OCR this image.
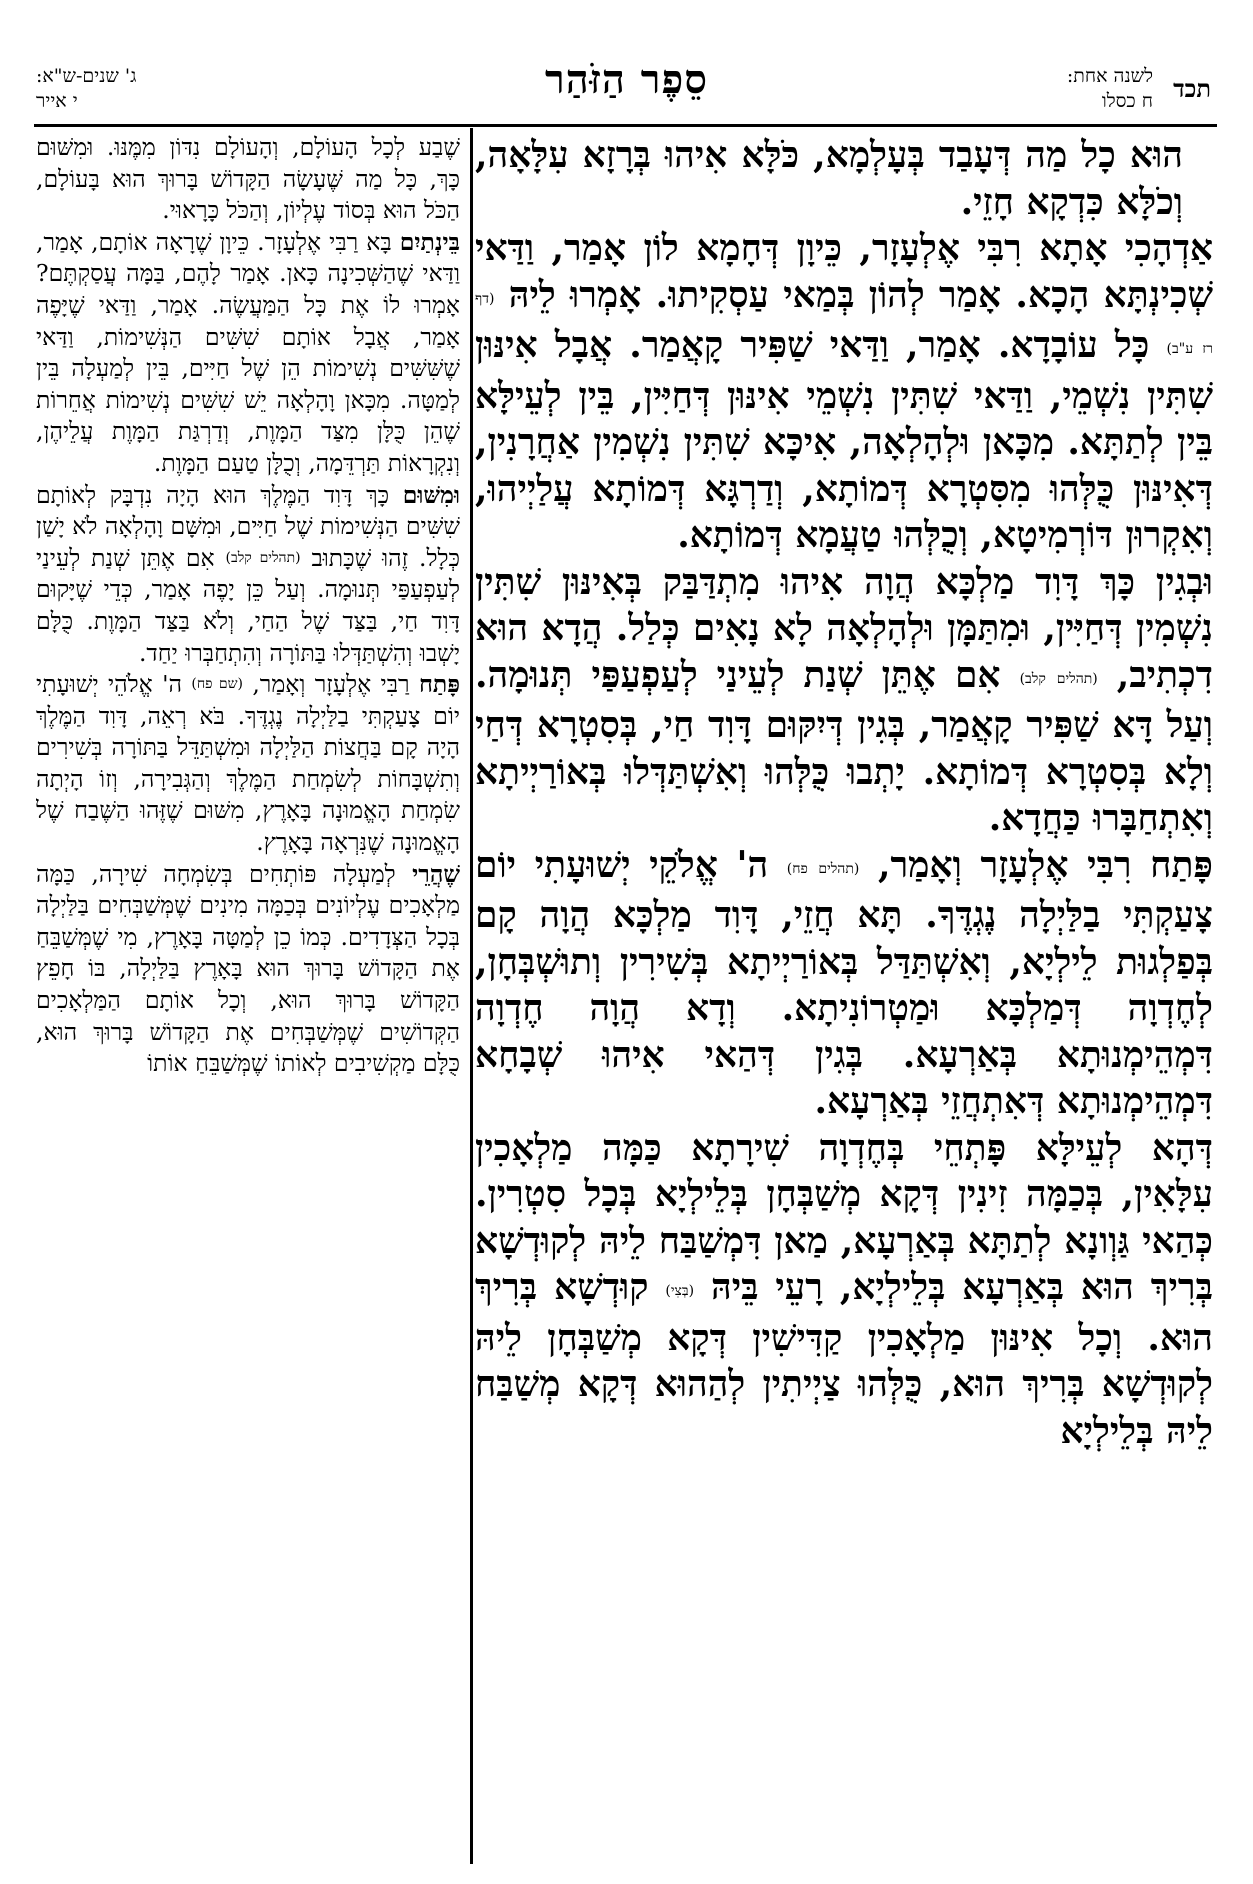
תכד
לשנה אחת:
ח כסלו
סֵפֶר הַזֹּהַר
ג' שנים-ש"א:
י אייר

הוּא כָל מַה דְּעָבַד בְּעָלְמָא, כֹּלָּא אִיהוּ בְּרָזָא עִלָּאָה, וְכֹלָּא כִּדְקָא חָזֵי.

אַדְהָכִי אָתָא רִבִּי אֶלְעָזָר, כֵּיוָן דְּחָמָא לוֹן אָמַר, וַדַּאי שְׁכִינְתָּא הָכָא. אָמַר לְהוֹן בְּמַאי עַסְקִיתוּ. אָמְרוּ לֵיהּ (דף רז ע"ב) כָּל עוֹבָדָא. אָמַר, וַדַּאי שַׁפִּיר קָאֲמַר. אֲבָל אִינּוּן שִׁתִּין נִשְׁמֵי, וַדַּאי שִׁתִּין נִשְׁמֵי אִינּוּן דְּחַיִּין, בֵּין לְעֵילָּא בֵּין לְתַתָּא. מִכָּאן וּלְהָלְאָה, אִיכָּא שִׁתִּין נִשְׁמִין אַחֲרָנִין, דְּאִינּוּן כֻּלְּהוּ מִסִּטְרָא דְּמוֹתָא, וְדַרְגָּא דְּמוֹתָא עֲלַיְיהוּ, וְאִקְרוּן דּוֹרְמִיטָא, וְכֻלְּהוּ טַעֲמָא דְּמוֹתָא.

וּבְגִין כָּךְ דָּוִד מַלְכָּא הֲוָה אִיהוּ מִתְדַּבַּק בְּאִינּוּן שִׁתִּין נִשְׁמִין דְּחַיִּין, וּמִתַּמָּן וּלְהָלְאָה לָא נָאִים כְּלַל. הֲדָא הוּא דִכְתִיב, (תהלים קלב) אִם אֶתֵּן שְׁנַת לְעֵינַי לְעַפְעַפַּי תְּנוּמָה. וְעַל דָּא שַׁפִּיר קָאֲמַר, בְּגִין דְּיִקּוּם דָּוִד חַי, בְּסִטְרָא דְּחַי וְלָא בְּסִטְרָא דְּמוֹתָא. יָתְבוּ כֻּלְּהוּ וְאִשְׁתַּדְּלוּ בְּאוֹרַיְיתָא וְאִתְחַבָּרוּ כַּחֲדָא.

פָּתַח רִבִּי אֶלְעָזָר וְאָמַר, (תהלים פח) ה' אֱלֹקֵי יְשׁוּעָתִי יוֹם צָעַקְתִּי בַלַּיְלָה נֶגְדֶּךָ. תָּא חֲזֵי, דָּוִד מַלְכָּא הֲוָה קָם בְּפַלְגוּת לֵילְיָא, וְאִשְׁתַּדַּל בְּאוֹרַיְיתָא בְּשִׁירִין וְתוּשְׁבְּחָן, לְחֶדְוָה דְּמַלְכָּא וּמַטְרוֹנִיתָא. וְדָא הֲוָה חֶדְוָה דִּמְהֵימְנוּתָא בְּאַרְעָא. בְּגִין דְּהַאי אִיהוּ שְׁבָחָא דִּמְהֵימְנוּתָא דְּאִתְחֲזֵי בְּאַרְעָא.

דְּהָא לְעֵילָּא פָּתְחֵי בְּחֶדְוָה שִׁירָתָא כַּמָּה מַלְאָכִין עִלָּאִין, בְּכַמָּה זִינִין דְּקָא מְשַׁבְּחָן בְּלֵילְיָא בְּכָל סִטְרִין. כְּהַאי גַּוְונָא לְתַתָּא בְּאַרְעָא, מַאן דִּמְשַׁבַּח לֵיהּ לְקוּדְשָׁא בְּרִיךְ הוּא בְּאַרְעָא בְּלֵילְיָא, רָעֵי בֵּיהּ (בְּצִי) קוּדְשָׁא בְּרִיךְ הוּא. וְכָל אִינּוּן מַלְאָכִין קַדִּישִׁין דְּקָא מְשַׁבְּחָן לֵיהּ לְקוּדְשָׁא בְּרִיךְ הוּא, כֻּלְּהוּ צַיְיתִין לְהַהוּא דְּקָא מְשַׁבַּח לֵיהּ בְּלֵילְיָא

שֶׁבַע לְכָל הָעוֹלָם, וְהָעוֹלָם נִדּוֹן מִמֶּנּוּ. וּמִשּׁוּם כָּךְ, כָּל מַה שֶּׁעָשָׂה הַקָּדוֹשׁ בָּרוּךְ הוּא בָּעוֹלָם, הַכֹּל הוּא בְּסוֹד עֶלְיוֹן, וְהַכֹּל כָּרָאוּי.

בֵּינְתַיִם בָּא רַבִּי אֶלְעָזָר. כֵּיוָן שֶׁרָאָה אוֹתָם, אָמַר, וַדַּאי שֶׁהַשְּׁכִינָה כָּאן. אָמַר לָהֶם, בַּמָּה עֲסַקְתֶּם? אָמְרוּ לוֹ אֶת כָּל הַמַּעֲשֶׂה. אָמַר, וַדַּאי שֶׁיָּפֶה אָמַר, אֲבָל אוֹתָם שִׁשִּׁים הַנְּשִׁימוֹת, וַדַּאי שֶׁשִּׁשִּׁים נְשִׁימוֹת הֵן שֶׁל חַיִּים, בֵּין לְמַעְלָה בֵּין לְמַטָּה. מִכָּאן וָהָלְאָה יֵשׁ שִׁשִּׁים נְשִׁימוֹת אֲחֵרוֹת שֶׁהֵן כֻּלָּן מִצַּד הַמָּוֶת, וְדַרְגַּת הַמָּוֶת עֲלֵיהֶן, וְנִקְרָאוֹת תַּרְדֵּמָה, וְכֻלָּן טַעַם הַמָּוֶת.

וּמִשּׁוּם כָּךְ דָּוִד הַמֶּלֶךְ הוּא הָיָה נִדְבָּק לְאוֹתָם שִׁשִּׁים הַנְּשִׁימוֹת שֶׁל חַיִּים, וּמִשָּׁם וָהָלְאָה לֹא יָשַׁן כְּלָל. זֶהוּ שֶׁכָּתוּב (תהלים קלב) אִם אֶתֵּן שְׁנַת לְעֵינַי לְעַפְעַפַּי תְּנוּמָה. וְעַל כֵּן יָפֶה אָמַר, כְּדֵי שֶׁיָּקוּם דָּוִד חַי, בַּצַּד שֶׁל הַחַי, וְלֹא בַּצַּד הַמָּוֶת. כֻּלָּם יָשְׁבוּ וְהִשְׁתַּדְּלוּ בַּתּוֹרָה וְהִתְחַבְּרוּ יַחַד.

פָּתַח רַבִּי אֶלְעָזָר וְאָמַר, (שם פח) ה' אֱלֹהֵי יְשׁוּעָתִי יוֹם צָעַקְתִּי בַלַּיְלָה נֶגְדֶּךָ. בֹּא רְאֵה, דָּוִד הַמֶּלֶךְ הָיָה קָם בַּחֲצוֹת הַלַּיְלָה וּמִשְׁתַּדֵּל בַּתּוֹרָה בְּשִׁירִים וְתִשְׁבָּחוֹת לְשִׂמְחַת הַמֶּלֶךְ וְהַגְּבִירָה, וְזוֹ הָיְתָה שִׂמְחַת הָאֱמוּנָה בָּאָרֶץ, מִשּׁוּם שֶׁזֶּהוּ הַשֶּׁבַח שֶׁל הָאֱמוּנָה שֶׁנִּרְאָה בָּאָרֶץ.

שֶׁהֲרֵי לְמַעְלָה פּוֹתְחִים בְּשִׂמְחָה שִׁירָה, כַּמָּה מַלְאָכִים עֶלְיוֹנִים בְּכַמָּה מִינִים שֶׁמְּשַׁבְּחִים בַּלַּיְלָה בְּכָל הַצְּדָדִים. כְּמוֹ כֵן לְמַטָּה בָּאָרֶץ, מִי שֶׁמְּשַׁבֵּחַ אֶת הַקָּדוֹשׁ בָּרוּךְ הוּא בָּאָרֶץ בַּלַּיְלָה, בּוֹ חָפֵץ הַקָּדוֹשׁ בָּרוּךְ הוּא, וְכָל אוֹתָם הַמַּלְאָכִים הַקְּדוֹשִׁים שֶׁמְּשַׁבְּחִים אֶת הַקָּדוֹשׁ בָּרוּךְ הוּא, כֻּלָּם מַקְשִׁיבִים לְאוֹתוֹ שֶׁמְּשַׁבֵּחַ אוֹתוֹ
